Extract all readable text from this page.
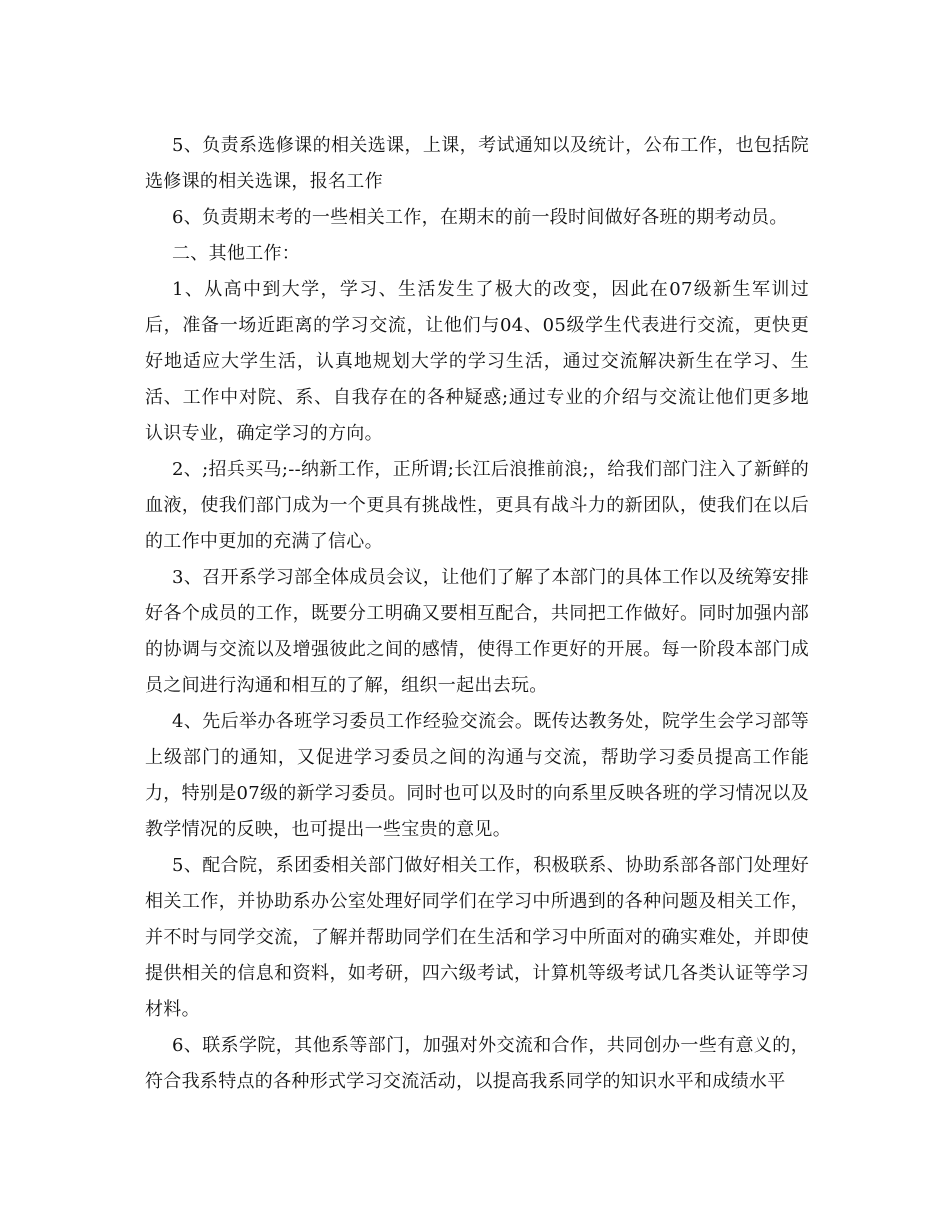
5、负责系选修课的相关选课，上课，考试通知以及统计，公布工作，也包括院选修课的相关选课，报名工作

6、负责期末考的一些相关工作，在期末的前一段时间做好各班的期考动员。

二、其他工作：

1、从高中到大学，学习、生活发生了极大的改变，因此在07级新生军训过后，准备一场近距离的学习交流，让他们与04、05级学生代表进行交流，更快更好地适应大学生活，认真地规划大学的学习生活，通过交流解决新生在学习、生活、工作中对院、系、自我存在的各种疑惑;通过专业的介绍与交流让他们更多地认识专业，确定学习的方向。

2、;招兵买马;--纳新工作，正所谓;长江后浪推前浪;，给我们部门注入了新鲜的血液，使我们部门成为一个更具有挑战性，更具有战斗力的新团队，使我们在以后的工作中更加的充满了信心。

3、召开系学习部全体成员会议，让他们了解了本部门的具体工作以及统筹安排好各个成员的工作，既要分工明确又要相互配合，共同把工作做好。同时加强内部的协调与交流以及增强彼此之间的感情，使得工作更好的开展。每一阶段本部门成员之间进行沟通和相互的了解，组织一起出去玩。

4、先后举办各班学习委员工作经验交流会。既传达教务处，院学生会学习部等上级部门的通知，又促进学习委员之间的沟通与交流，帮助学习委员提高工作能力，特别是07级的新学习委员。同时也可以及时的向系里反映各班的学习情况以及教学情况的反映，也可提出一些宝贵的意见。

5、配合院，系团委相关部门做好相关工作，积极联系、协助系部各部门处理好相关工作，并协助系办公室处理好同学们在学习中所遇到的各种问题及相关工作，并不时与同学交流，了解并帮助同学们在生活和学习中所面对的确实难处，并即使提供相关的信息和资料，如考研，四六级考试，计算机等级考试几各类认证等学习材料。

6、联系学院，其他系等部门，加强对外交流和合作，共同创办一些有意义的，符合我系特点的各种形式学习交流活动，以提高我系同学的知识水平和成绩水平
